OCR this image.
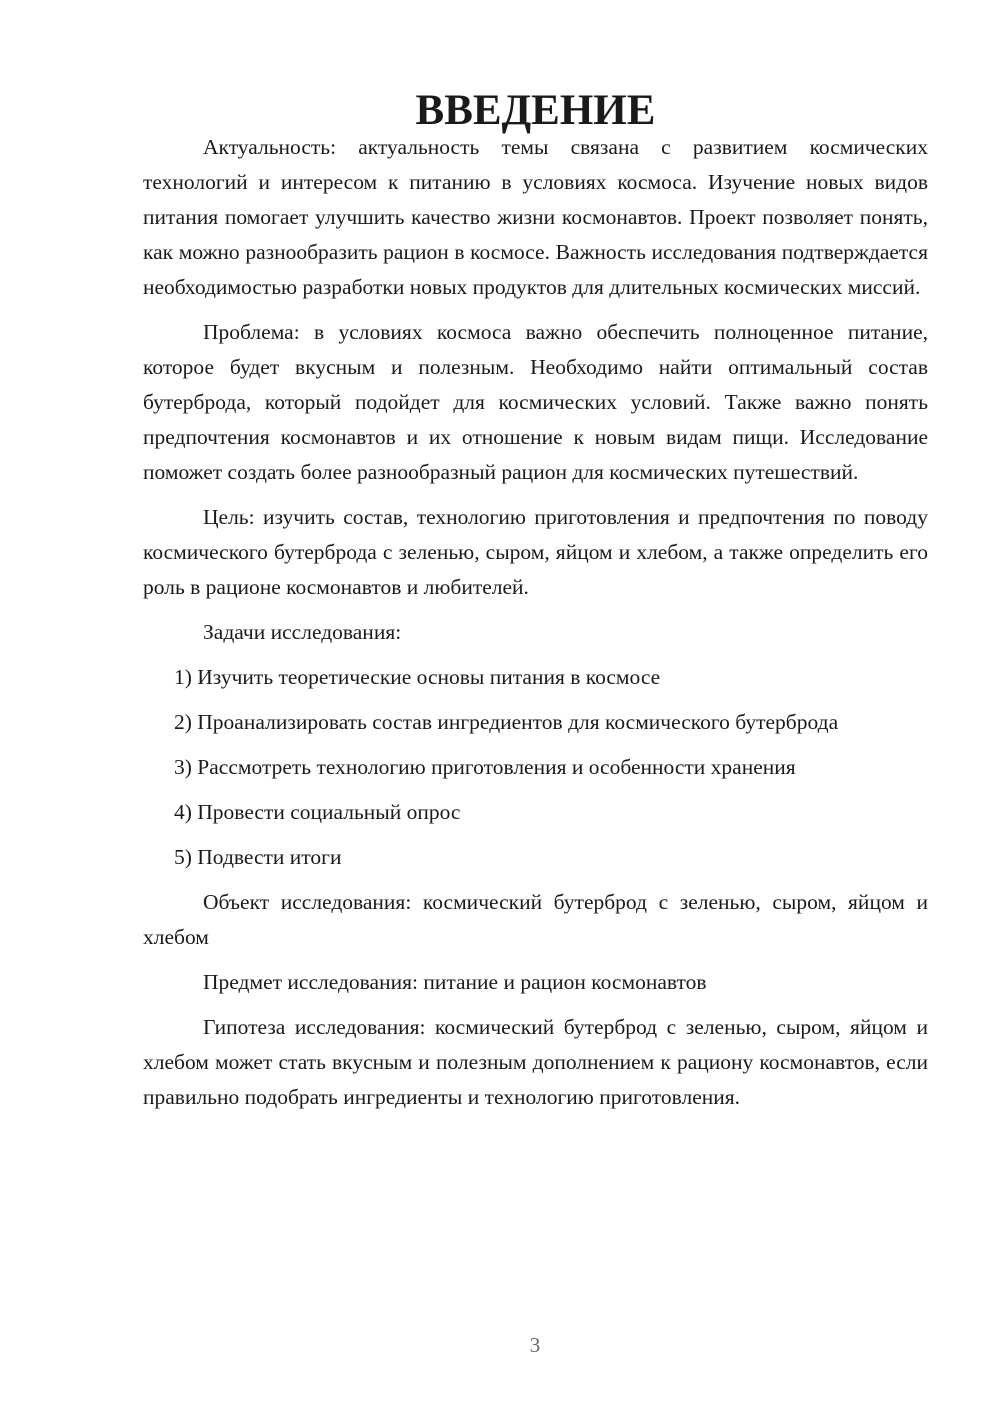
ВВЕДЕНИЕ

Актуальность: актуальность темы связана с развитием космических технологий и интересом к питанию в условиях космоса. Изучение новых видов питания помогает улучшить качество жизни космонавтов. Проект позволяет понять, как можно разнообразить рацион в космосе. Важность исследования подтверждается необходимостью разработки новых продуктов для длительных космических миссий.

Проблема: в условиях космоса важно обеспечить полноценное питание, которое будет вкусным и полезным. Необходимо найти оптимальный состав бутерброда, который подойдет для космических условий. Также важно понять предпочтения космонавтов и их отношение к новым видам пищи. Исследование поможет создать более разнообразный рацион для космических путешествий.

Цель: изучить состав, технологию приготовления и предпочтения по поводу космического бутерброда с зеленью, сыром, яйцом и хлебом, а также определить его роль в рационе космонавтов и любителей.

Задачи исследования:

1) Изучить теоретические основы питания в космосе

2) Проанализировать состав ингредиентов для космического бутерброда

3) Рассмотреть технологию приготовления и особенности хранения

4) Провести социальный опрос

5) Подвести итоги

Объект исследования: космический бутерброд с зеленью, сыром, яйцом и хлебом

Предмет исследования: питание и рацион космонавтов

Гипотеза исследования: космический бутерброд с зеленью, сыром, яйцом и хлебом может стать вкусным и полезным дополнением к рациону космонавтов, если правильно подобрать ингредиенты и технологию приготовления.

3
